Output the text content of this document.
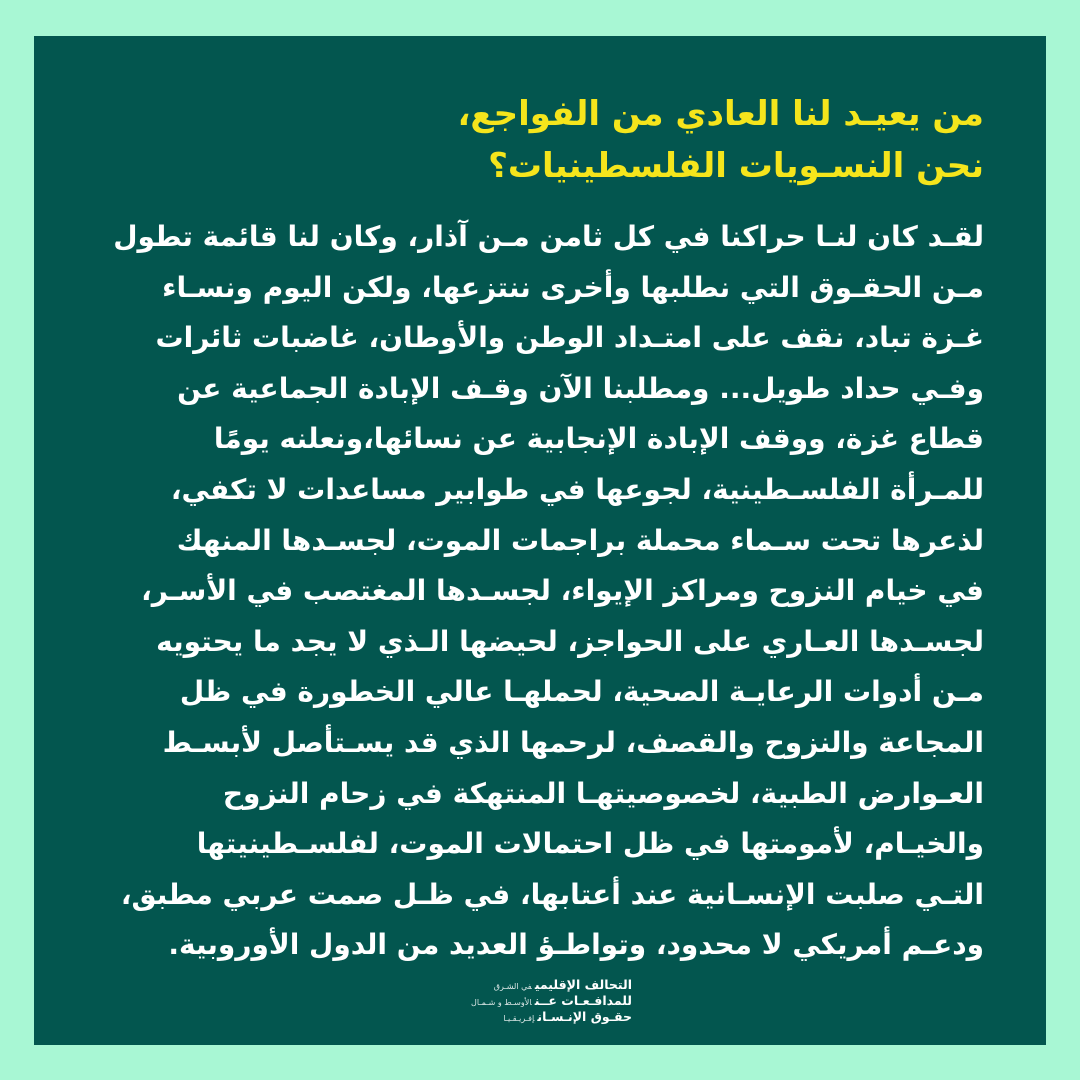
من يعيـد لنا العادي من الفواجع،
نحن النسـويات الفلسطينيات؟
لقـد كان لنـا حراكنا في كل ثامن مـن آذار، وكان لنا قائمة تطول
مـن الحقـوق التي نطلبها وأخرى ننتزعها، ولكن اليوم ونسـاء
غـزة تباد، نقف على امتـداد الوطن والأوطان، غاضبات ثائرات
وفـي حداد طويل... ومطلبنا الآن وقـف الإبادة الجماعية عن
قطاع غزة، ووقف الإبادة الإنجابية عن نسائها،ونعلنه يومًا
للمـرأة الفلسـطينية، لجوعها في طوابير مساعدات لا تكفي،
لذعرها تحت سـماء محملة براجمات الموت، لجسـدها المنهك
في خيام النزوح ومراكز الإيواء، لجسـدها المغتصب في الأسـر،
لجسـدها العـاري على الحواجز، لحيضها الـذي لا يجد ما يحتويه
مـن أدوات الرعايـة الصحية، لحملهـا عالي الخطورة في ظل
المجاعة والنزوح والقصف، لرحمها الذي قد يسـتأصل لأبسـط
العـوارض الطبية، لخصوصيتهـا المنتهكة في زحام النزوح
والخيـام، لأمومتها في ظل احتمالات الموت، لفلسـطينيتها
التـي صلبت الإنسـانية عند أعتابها، في ظـل صمت عربي مطبق،
ودعـم أمريكي لا محدود، وتواطـؤ العديد من الدول الأوروبية.
التحالف الإقليميفي الشـرق
للمدافـعـات عــنالأوسـط و شـمـال
حقـوق الإنـسـانإفـريـقـيـا
